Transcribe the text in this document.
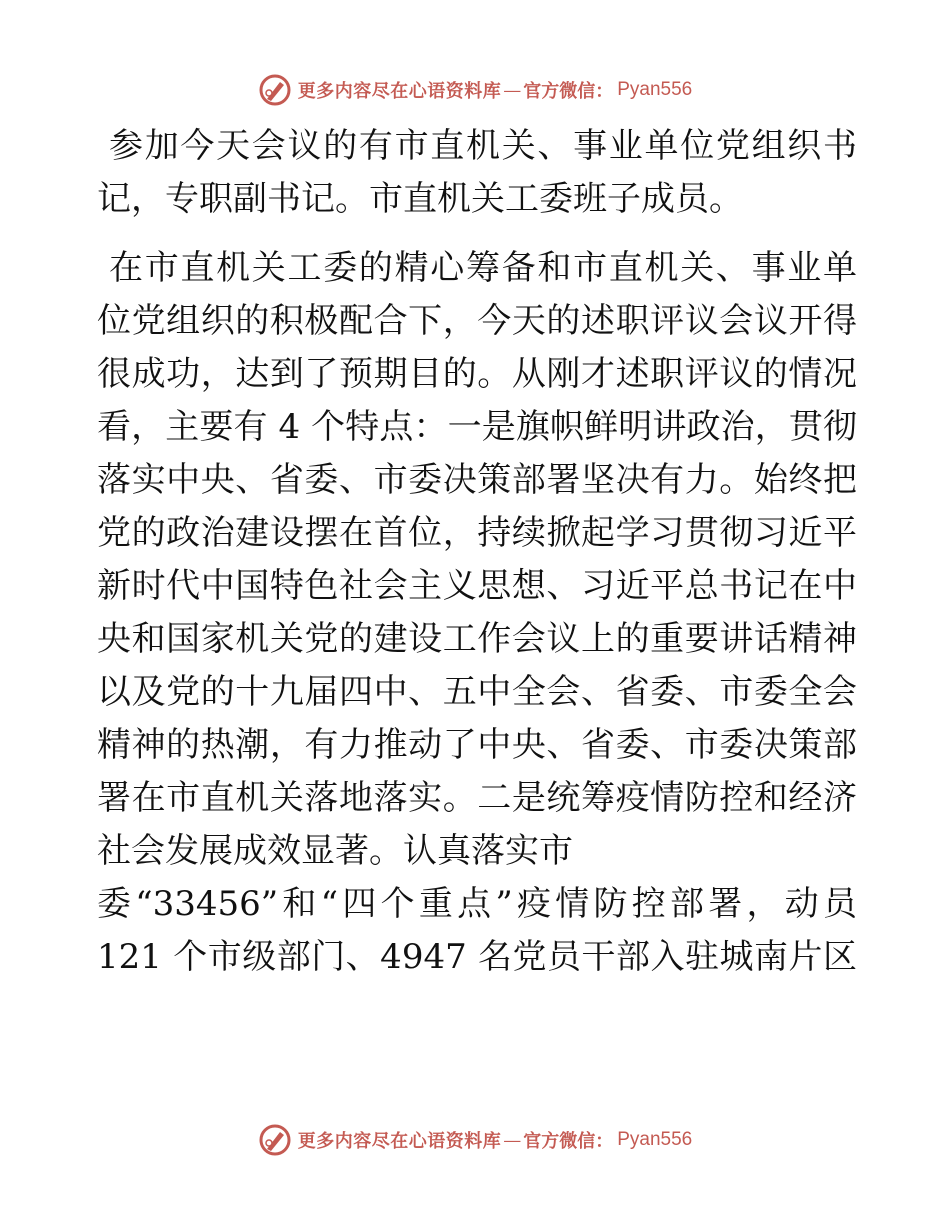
更多内容尽在心语资料库 — 官方微信： Pyan556
参加今天会议的有市直机关、事业单位党组织书
记，专职副书记。市直机关工委班子成员。
在市直机关工委的精心筹备和市直机关、事业单
位党组织的积极配合下，今天的述职评议会议开得
很成功，达到了预期目的。从刚才述职评议的情况
看，主要有 4 个特点：一是旗帜鲜明讲政治，贯彻
落实中央、省委、市委决策部署坚决有力。始终把
党的政治建设摆在首位，持续掀起学习贯彻习近平
新时代中国特色社会主义思想、习近平总书记在中
央和国家机关党的建设工作会议上的重要讲话精神
以及党的十九届四中、五中全会、省委、市委全会
精神的热潮，有力推动了中央、省委、市委决策部
署在市直机关落地落实。二是统筹疫情防控和经济
社会发展成效显著。认真落实市
委“33456”和“四个重点”疫情防控部署，动员
121 个市级部门、4947 名党员干部入驻城南片区
更多内容尽在心语资料库 — 官方微信： Pyan556
